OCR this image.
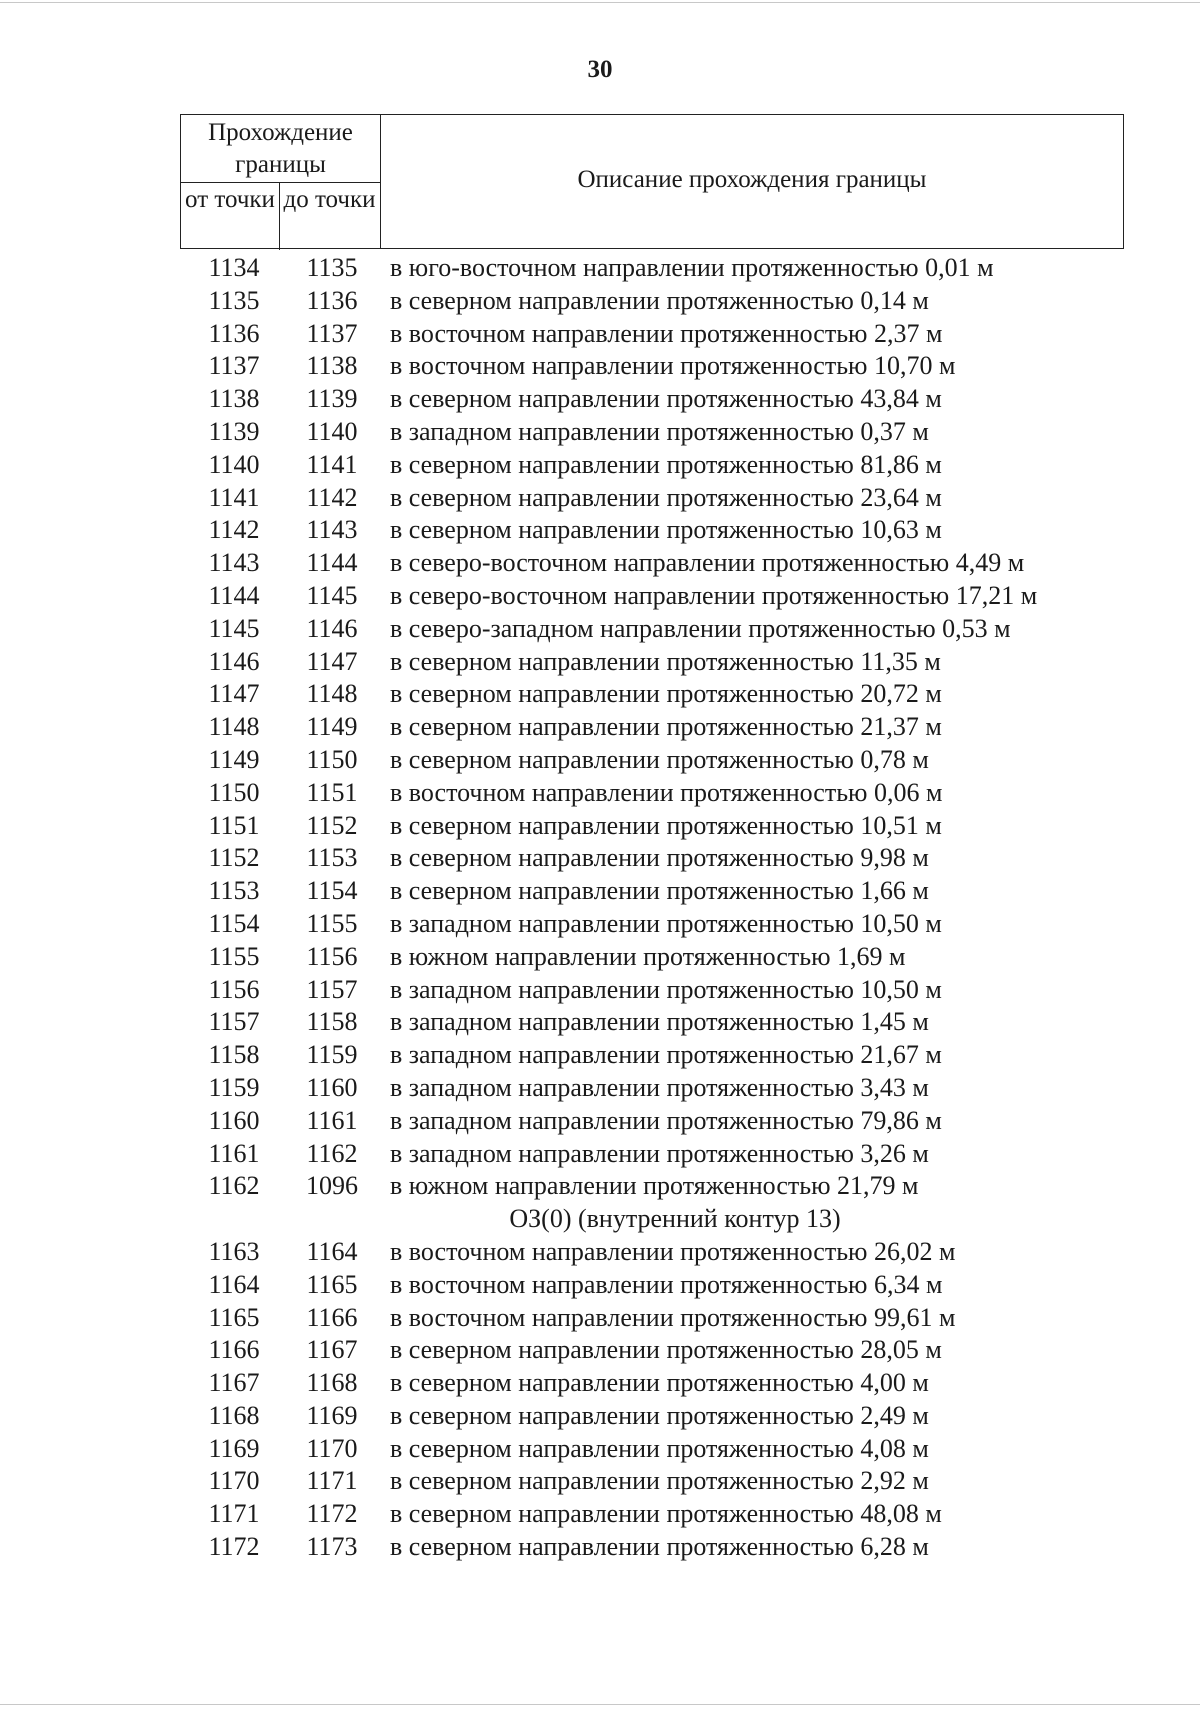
30
Прохождение границы
от точки до точки
Описание прохождения границы
1134	1135	в юго-восточном направлении протяженностью 0,01 м
1135	1136	в северном направлении протяженностью 0,14 м
1136	1137	в восточном направлении протяженностью 2,37 м
1137	1138	в восточном направлении протяженностью 10,70 м
1138	1139	в северном направлении протяженностью 43,84 м
1139	1140	в западном направлении протяженностью 0,37 м
1140	1141	в северном направлении протяженностью 81,86 м
1141	1142	в северном направлении протяженностью 23,64 м
1142	1143	в северном направлении протяженностью 10,63 м
1143	1144	в северо-восточном направлении протяженностью 4,49 м
1144	1145	в северо-восточном направлении протяженностью 17,21 м
1145	1146	в северо-западном направлении протяженностью 0,53 м
1146	1147	в северном направлении протяженностью 11,35 м
1147	1148	в северном направлении протяженностью 20,72 м
1148	1149	в северном направлении протяженностью 21,37 м
1149	1150	в северном направлении протяженностью 0,78 м
1150	1151	в восточном направлении протяженностью 0,06 м
1151	1152	в северном направлении протяженностью 10,51 м
1152	1153	в северном направлении протяженностью 9,98 м
1153	1154	в северном направлении протяженностью 1,66 м
1154	1155	в западном направлении протяженностью 10,50 м
1155	1156	в южном направлении протяженностью 1,69 м
1156	1157	в западном направлении протяженностью 10,50 м
1157	1158	в западном направлении протяженностью 1,45 м
1158	1159	в западном направлении протяженностью 21,67 м
1159	1160	в западном направлении протяженностью 3,43 м
1160	1161	в западном направлении протяженностью 79,86 м
1161	1162	в западном направлении протяженностью 3,26 м
1162	1096	в южном направлении протяженностью 21,79 м
ОЗ(0) (внутренний контур 13)
1163	1164	в восточном направлении протяженностью 26,02 м
1164	1165	в восточном направлении протяженностью 6,34 м
1165	1166	в восточном направлении протяженностью 99,61 м
1166	1167	в северном направлении протяженностью 28,05 м
1167	1168	в северном направлении протяженностью 4,00 м
1168	1169	в северном направлении протяженностью 2,49 м
1169	1170	в северном направлении протяженностью 4,08 м
1170	1171	в северном направлении протяженностью 2,92 м
1171	1172	в северном направлении протяженностью 48,08 м
1172	1173	в северном направлении протяженностью 6,28 м
